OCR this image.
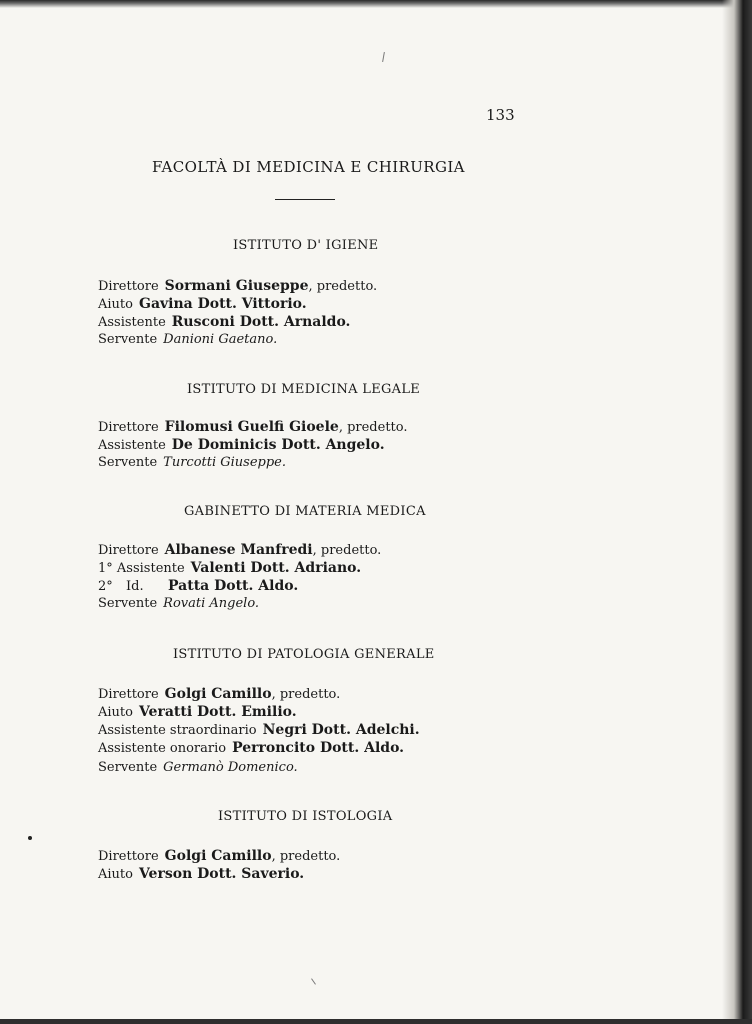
133
FACOLTÀ DI MEDICINA E CHIRURGIA
ISTITUTO D' IGIENE
Direttore Sormani Giuseppe, predetto.
Aiuto Gavina Dott. Vittorio.
Assistente Rusconi Dott. Arnaldo.
Servente Danioni Gaetano.
ISTITUTO DI MEDICINA LEGALE
Direttore Filomusi Guelfi Gioele, predetto.
Assistente De Dominicis Dott. Angelo.
Servente Turcotti Giuseppe.
GABINETTO DI MATERIA MEDICA
Direttore Albanese Manfredi, predetto.
1° Assistente Valenti Dott. Adriano.
2° Id. Patta Dott. Aldo.
Servente Rovati Angelo.
ISTITUTO DI PATOLOGIA GENERALE
Direttore Golgi Camillo, predetto.
Aiuto Veratti Dott. Emilio.
Assistente straordinario Negri Dott. Adelchi.
Assistente onorario Perroncito Dott. Aldo.
Servente Germanò Domenico.
ISTITUTO DI ISTOLOGIA
Direttore Golgi Camillo, predetto.
Aiuto Verson Dott. Saverio.
